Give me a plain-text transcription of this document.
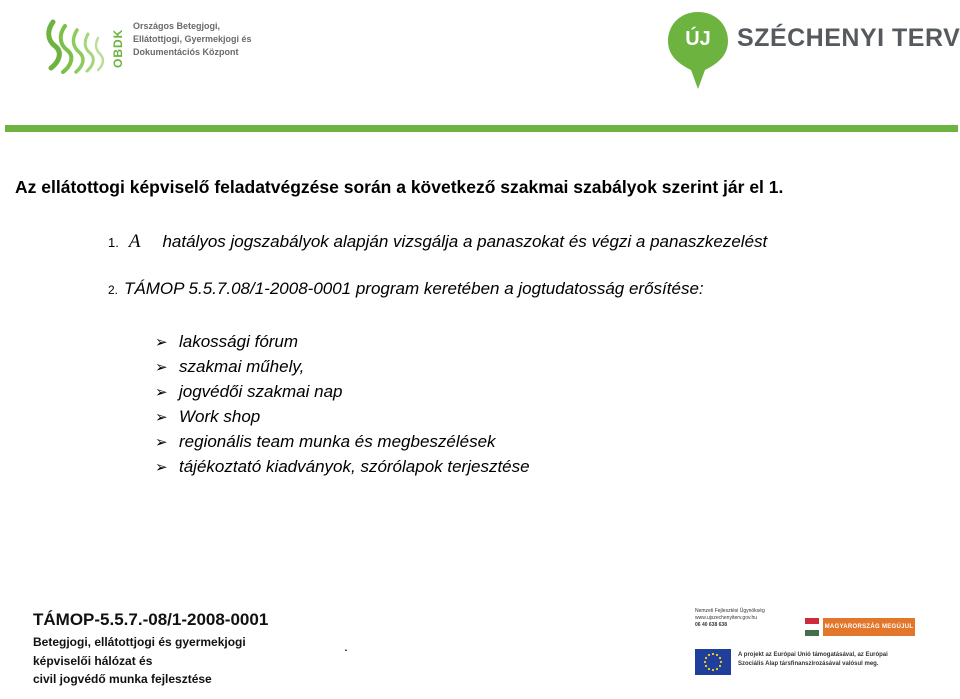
OBDK
Országos Betegjogi,
Ellátottjogi, Gyermekjogi és
Dokumentációs Központ
ÚJ	SZÉCHENYI TERV
Az ellátottogi képviselő feladatvégzése során a következő szakmai szabályok szerint jár el 1.
1. A hatályos jogszabályok alapján vizsgálja a panaszokat és végzi a panaszkezelést
2. TÁMOP 5.5.7.08/1-2008-0001 program keretében a jogtudatosság erősítése:
➢ lakossági fórum
➢ szakmai műhely,
➢ jogvédői szakmai nap
➢ Work shop
➢ regionális team munka és megbeszélések
➢ tájékoztató kiadványok, szórólapok terjesztése
TÁMOP-5.5.7.-08/1-2008-0001
Betegjogi, ellátottjogi és gyermekjogi
képviselői hálózat és
civil jogvédő munka fejlesztése
.
Nemzeti Fejlesztési Ügynökség
www.ujszechenyiterv.gov.hu
06 40 638 638	MAGYARORSZÁG MEGÚJUL
A projekt az Európai Unió támogatásával, az Európai
Szociális Alap társfinanszírozásával valósul meg.
